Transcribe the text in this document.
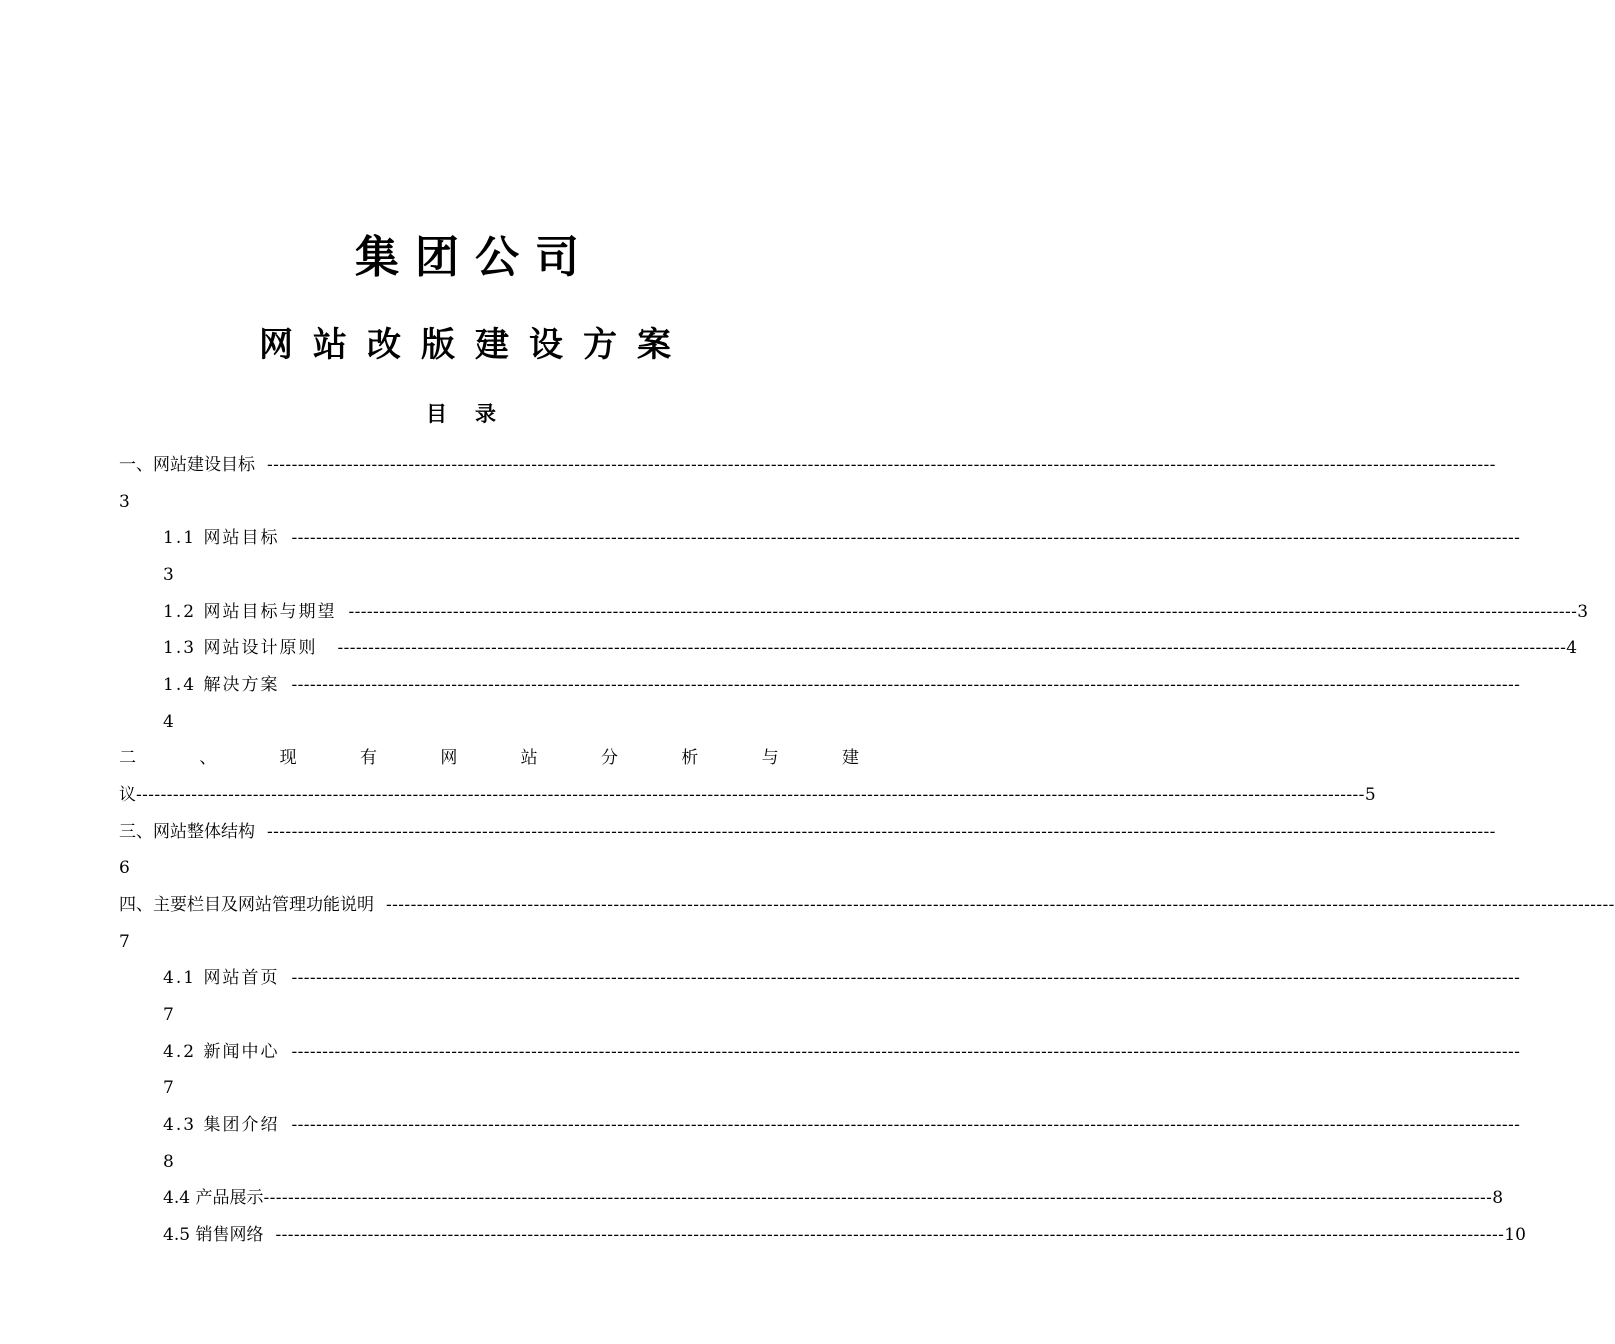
集团公司
网站改版建设方案
目录
一、网站建设目标 --------------------------------------------------------------------------------------------------------------------------------------------------------------------------------------------------------
3
1.1 网站目标 --------------------------------------------------------------------------------------------------------------------------------------------------------------------------------------------------------
3
1.2 网站目标与期望 -------------------------------------------------------------------------------------------------------------------------------------------------------------------------------------------------------- 3
1.3 网站设计原则 -------------------------------------------------------------------------------------------------------------------------------------------------------------------------------------------------------- 4
1.4 解决方案 --------------------------------------------------------------------------------------------------------------------------------------------------------------------------------------------------------
4
二	、	现	有	网	站	分	析	与	建
议 -------------------------------------------------------------------------------------------------------------------------------------------------------------------------------------------------------- 5
三、网站整体结构 --------------------------------------------------------------------------------------------------------------------------------------------------------------------------------------------------------
6
四、主要栏目及网站管理功能说明 --------------------------------------------------------------------------------------------------------------------------------------------------------------------------------------------------------
7
4.1 网站首页 --------------------------------------------------------------------------------------------------------------------------------------------------------------------------------------------------------
7
4.2 新闻中心 --------------------------------------------------------------------------------------------------------------------------------------------------------------------------------------------------------
7
4.3 集团介绍 --------------------------------------------------------------------------------------------------------------------------------------------------------------------------------------------------------
8
4.4 产品展示 -------------------------------------------------------------------------------------------------------------------------------------------------------------------------------------------------------- 8
4.5 销售网络 -------------------------------------------------------------------------------------------------------------------------------------------------------------------------------------------------------- 10
